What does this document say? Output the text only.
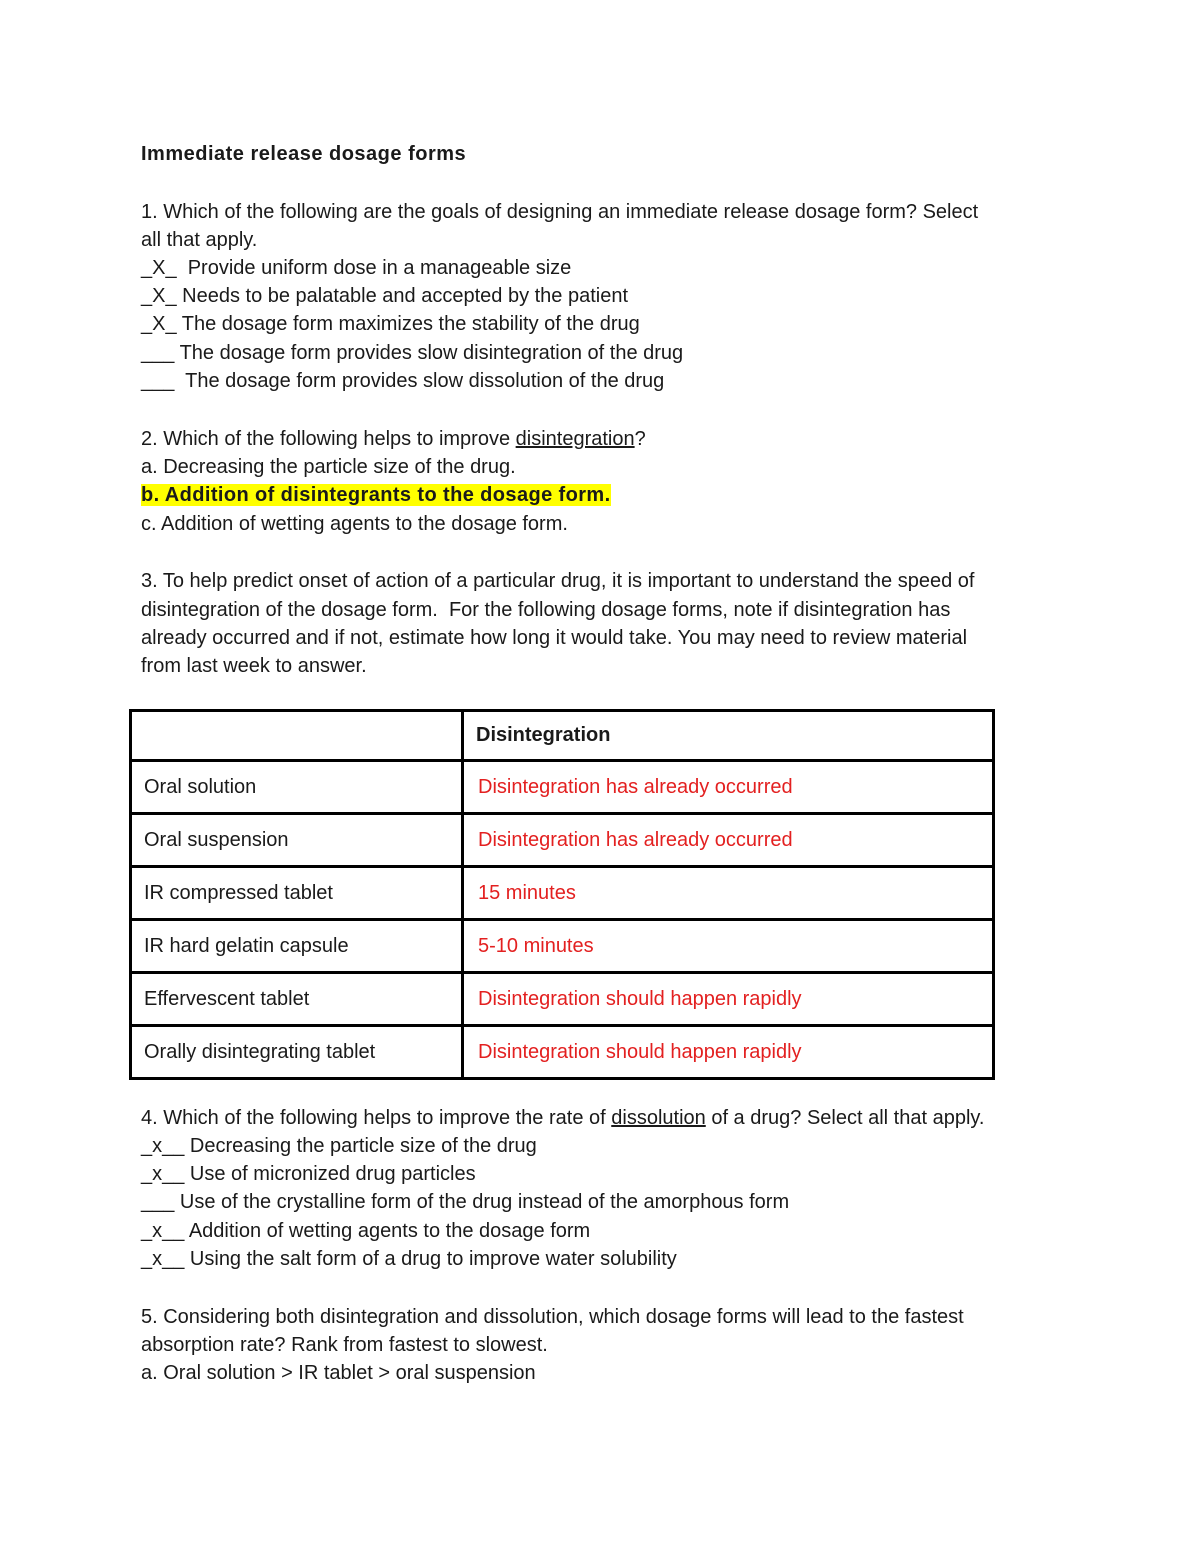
Immediate release dosage forms
1. Which of the following are the goals of designing an immediate release dosage form? Select
all that apply.
_X_  Provide uniform dose in a manageable size
_X_ Needs to be palatable and accepted by the patient
_X_ The dosage form maximizes the stability of the drug
___ The dosage form provides slow disintegration of the drug
___  The dosage form provides slow dissolution of the drug
2. Which of the following helps to improve disintegration?
a. Decreasing the particle size of the drug.
b. Addition of disintegrants to the dosage form.
c. Addition of wetting agents to the dosage form.
3. To help predict onset of action of a particular drug, it is important to understand the speed of
disintegration of the dosage form.  For the following dosage forms, note if disintegration has
already occurred and if not, estimate how long it would take. You may need to review material
from last week to answer.
	Disintegration
Oral solution	Disintegration has already occurred
Oral suspension	Disintegration has already occurred
IR compressed tablet	15 minutes
IR hard gelatin capsule	5-10 minutes
Effervescent tablet	Disintegration should happen rapidly
Orally disintegrating tablet	Disintegration should happen rapidly
4. Which of the following helps to improve the rate of dissolution of a drug? Select all that apply.
_x__ Decreasing the particle size of the drug
_x__ Use of micronized drug particles
___ Use of the crystalline form of the drug instead of the amorphous form
_x__ Addition of wetting agents to the dosage form
_x__ Using the salt form of a drug to improve water solubility
5. Considering both disintegration and dissolution, which dosage forms will lead to the fastest
absorption rate? Rank from fastest to slowest.
a. Oral solution > IR tablet > oral suspension
